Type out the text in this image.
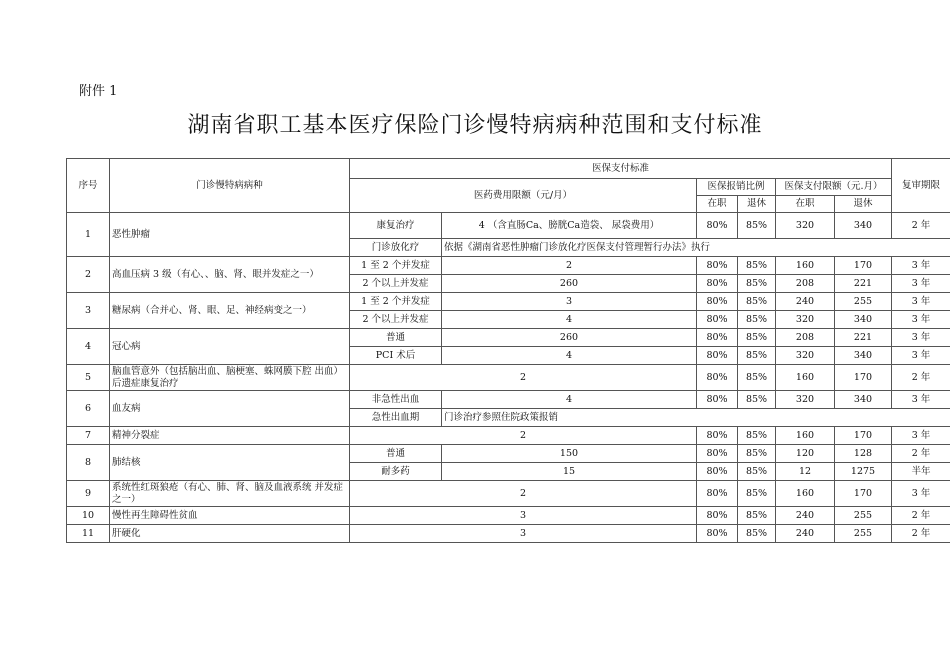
附件 1
湖南省职工基本医疗保险门诊慢特病病种范围和支付标准
序号	门诊慢特病病种	医保支付标准						复审期限
		医药费用限额（元/月）		医保报销比例		医保支付限额（元.月）		
				在职	退休	在职	退休	
1	恶性肿瘤	康复治疗	4 （含直肠Ca、膀胱Ca造袋、 尿袋费用）	80%	85%	320	340	2 年
		门诊放化疗	依据《湖南省恶性肿瘤门诊放化疗医保支付管理暂行办法》执行					
2	高血压病 3 级（有心、、脑、肾、眼并发症之一）	1 至 2 个并发症	2	80%	85%	160	170	3 年
		2 个以上并发症	260	80%	85%	208	221	3 年
3	糖尿病（合并心、肾、眼、足、神经病变之一）	1 至 2 个并发症	3	80%	85%	240	255	3 年
		2 个以上并发症	4	80%	85%	320	340	3 年
4	冠心病	普通	260	80%	85%	208	221	3 年
		PCI 术后	4	80%	85%	320	340	3 年
5	脑血管意外（包括脑出血、脑梗塞、蛛网膜下腔 出血）后遗症康复治疗	2		80%	85%	160	170	2 年
6	血友病	非急性出血	4	80%	85%	320	340	3 年
		急性出血期	门诊治疗参照住院政策报销					
7	精神分裂症	2		80%	85%	160	170	3 年
8	肺结核	普通	150	80%	85%	120	128	2 年
		耐多药	15	80%	85%	12	1275	半年
9	系统性红斑狼疮（有心、肺、肾、脑及血液系统 并发症之一）	2		80%	85%	160	170	3 年
10	慢性再生障碍性贫血	3		80%	85%	240	255	2 年
11	肝硬化	3		80%	85%	240	255	2 年
